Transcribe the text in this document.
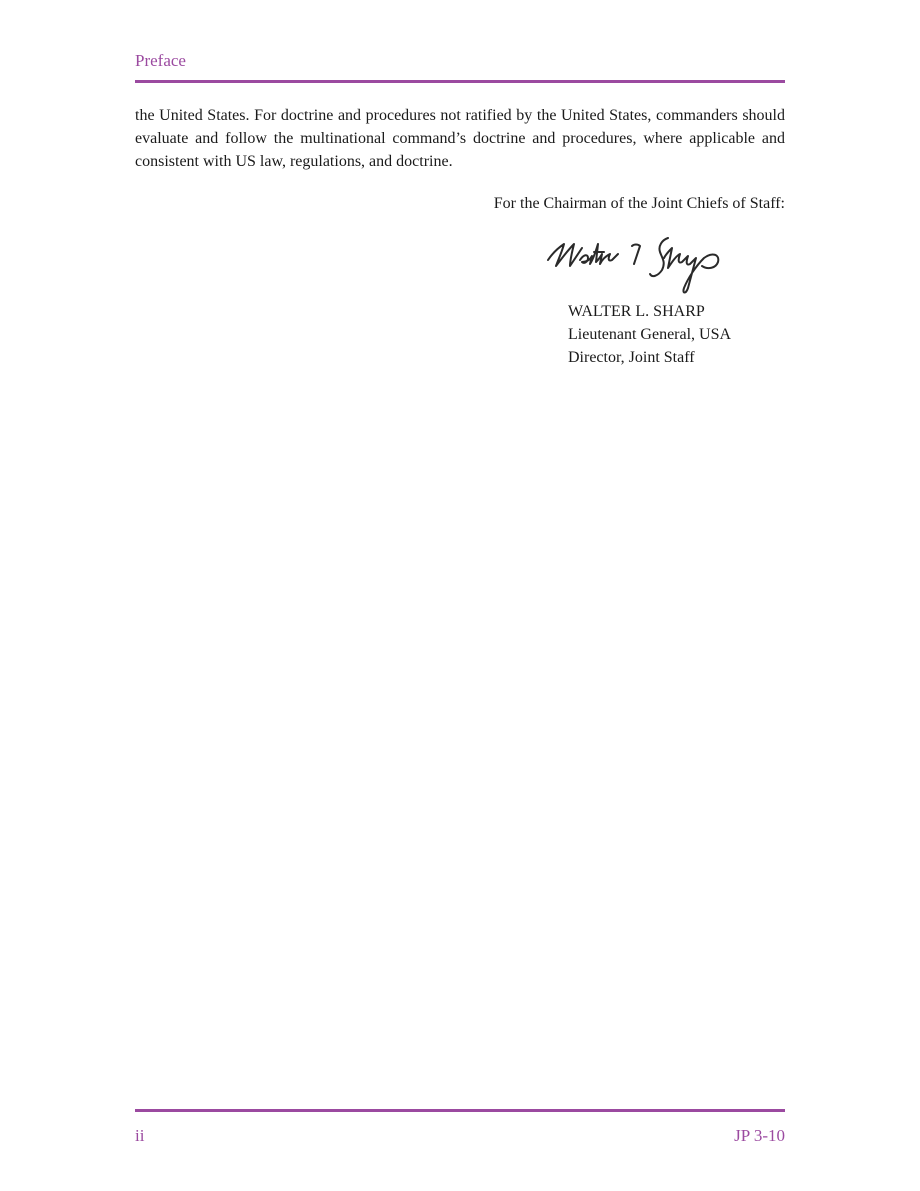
Preface

the United States. For doctrine and procedures not ratified by the United States, commanders should evaluate and follow the multinational command’s doctrine and procedures, where applicable and consistent with US law, regulations, and doctrine.

For the Chairman of the Joint Chiefs of Staff:

WALTER L. SHARP
Lieutenant General, USA
Director, Joint Staff
ii	JP 3-10
